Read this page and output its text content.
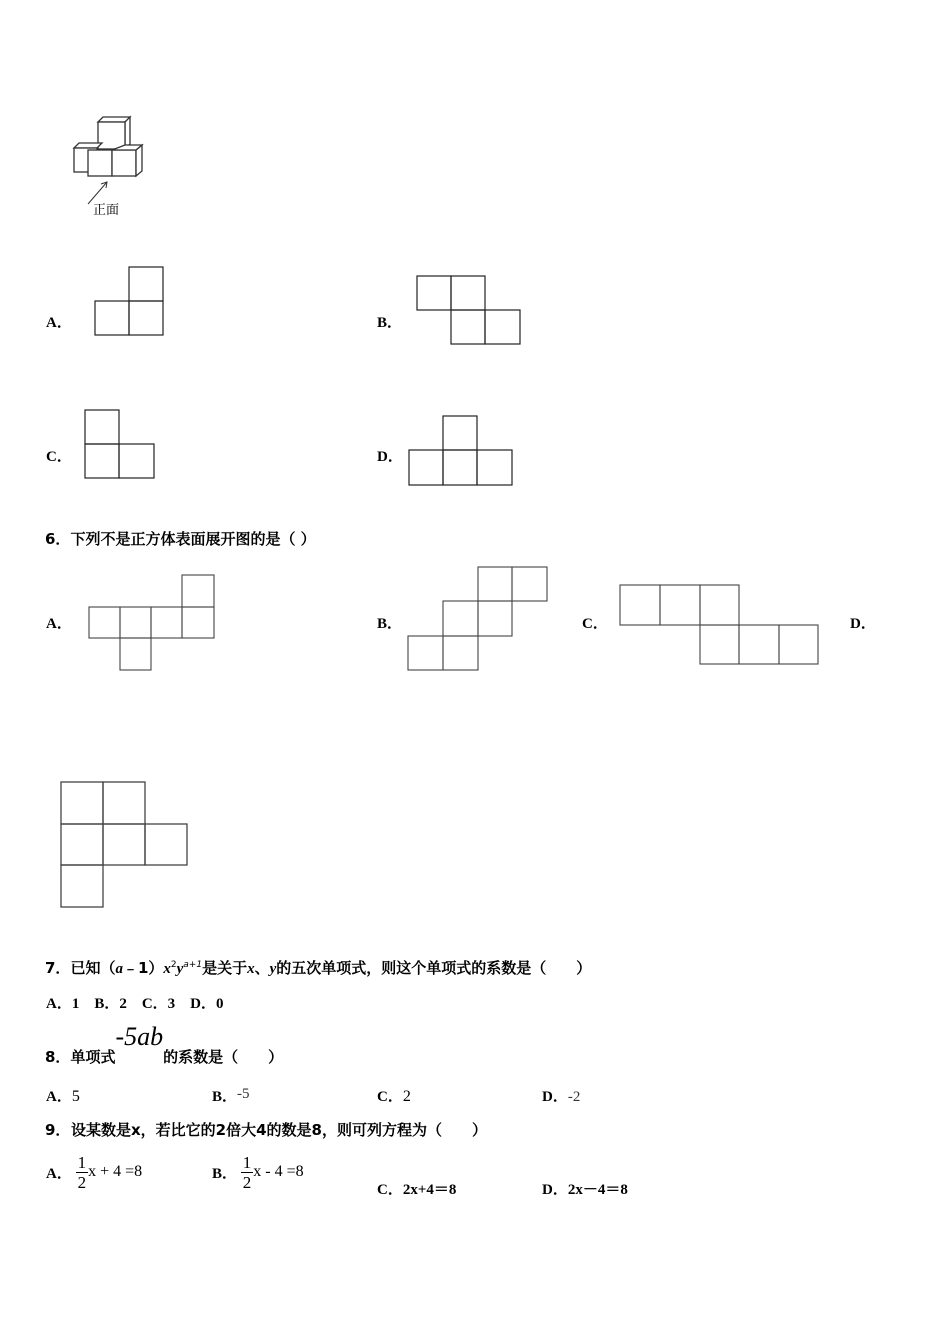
正面
A．	B．
C．	D．
6．下列不是正方体表面展开图的是（ ）
A．	B．	C．	D．
7．已知$(a﹣1)x^2y^{a+1}$是关于x、y的五次单项式，则这个单项式的系数是（　　）
A．1　B．2　C．3　D．0
8．单项式-5ab的系数是（　　）
A．5	B．-5	C．2	D．-2
设某数是x，若比它的2倍大4的数是8，则可列方程为（　　）
9．
A． $\frac{1}{2}$ x + 4 =8	B． $\frac{1}{2}$ x - 4 =8
C．2x+4＝8	D．2x－4＝8
